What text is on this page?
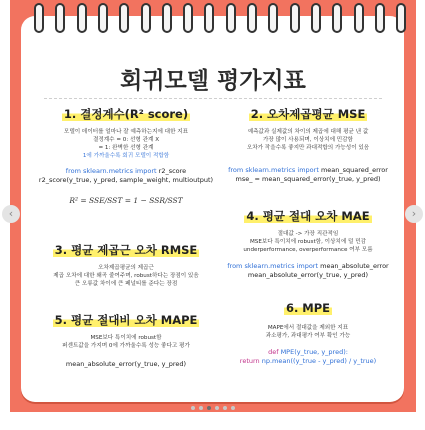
회귀모델 평가지표
1. 결정계수(R² score)

모델이 데이터를 얼마나 잘 예측하는지에 대한 지표

결정계수 = 0: 선형 관계 X

= 1: 완벽한 선형 관계

1에 가까울수록 회귀 모델이 적합함

from sklearn.metrics import r2_score

r2_score(y_true, y_pred, sample_weight, multioutput)

R² = SSE/SST = 1 − SSR/SST

2. 오차제곱평균 MSE

예측값과 실제값의 차이의 제곱에 대해 평균 낸 값

가장 많이 사용되며, 이상치에 민감함

오차가 작을수록 좋지만 과대적합의 가능성이 있음

from sklearn.metrics import mean_squared_error

mse_ = mean_squared_error(y_true, y_pred)

3. 평균 제곱근 오차 RMSE

오차제곱평균의 제곱근

제곱 오차에 대한 왜곡 줄여주며, robust하다는 장점이 있음

큰 오류값 차이에 큰 페널티를 준다는 장점

4. 평균 절대 오차 MAE

절대값 -> 가장 직관적임

MSE보다 특이치에 robust함, 이상치에 덜 민감

underperformance, overperformance 여부 모름

from sklearn.metrics import mean_absolute_error

mean_absolute_error(y_true, y_pred)

5. 평균 절대비 오차 MAPE

MSE보다 특이치에 robust함

퍼센트값을 가지며 0에 가까울수록 성능 좋다고 평가

mean_absolute_error(y_true, y_pred)

6. MPE

MAPE에서 절대값을 제외한 지표

과소평가, 과대평가 여부 확인 가능

def MPE(y_true, y_pred):

return np.mean((y_true - y_pred) / y_true)

‹	›
